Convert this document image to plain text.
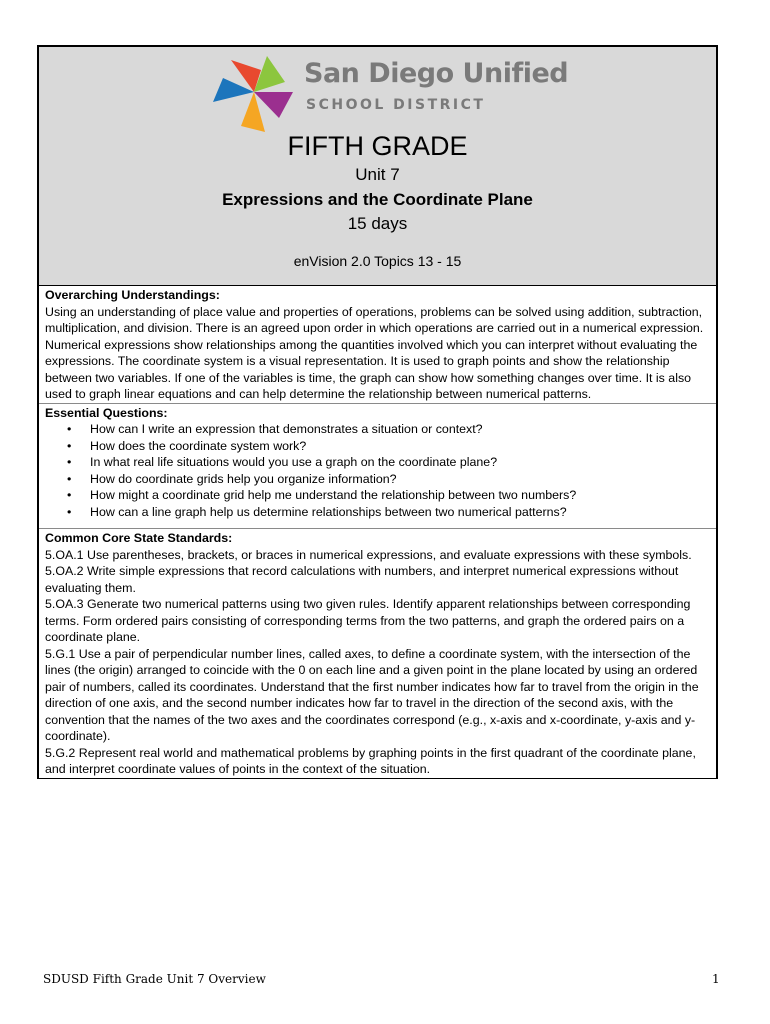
San Diego Unified
SCHOOL DISTRICT
FIFTH GRADE
Unit 7
Expressions and the Coordinate Plane
15 days
enVision 2.0 Topics 13 - 15
Overarching Understandings:

Using an understanding of place value and properties of operations, problems can be solved using addition, subtraction, multiplication, and division. There is an agreed upon order in which operations are carried out in a numerical expression. Numerical expressions show relationships among the quantities involved which you can interpret without evaluating the expressions. The coordinate system is a visual representation. It is used to graph points and show the relationship between two variables. If one of the variables is time, the graph can show how something changes over time. It is also used to graph linear equations and can help determine the relationship between numerical patterns.

Essential Questions:
• How can I write an expression that demonstrates a situation or context?
• How does the coordinate system work?
• In what real life situations would you use a graph on the coordinate plane?
• How do coordinate grids help you organize information?
• How might a coordinate grid help me understand the relationship between two numbers?
• How can a line graph help us determine relationships between two numerical patterns?
Common Core State Standards:

5.OA.1 Use parentheses, brackets, or braces in numerical expressions, and evaluate expressions with these symbols.

5.OA.2 Write simple expressions that record calculations with numbers, and interpret numerical expressions without evaluating them.

5.OA.3 Generate two numerical patterns using two given rules. Identify apparent relationships between corresponding terms. Form ordered pairs consisting of corresponding terms from the two patterns, and graph the ordered pairs on a coordinate plane.

5.G.1 Use a pair of perpendicular number lines, called axes, to define a coordinate system, with the intersection of the lines (the origin) arranged to coincide with the 0 on each line and a given point in the plane located by using an ordered pair of numbers, called its coordinates. Understand that the first number indicates how far to travel from the origin in the direction of one axis, and the second number indicates how far to travel in the direction of the second axis, with the convention that the names of the two axes and the coordinates correspond (e.g., x-axis and x-coordinate, y-axis and y-coordinate).

5.G.2 Represent real world and mathematical problems by graphing points in the first quadrant of the coordinate plane, and interpret coordinate values of points in the context of the situation.

SDUSD Fifth Grade Unit 7 Overview	1
